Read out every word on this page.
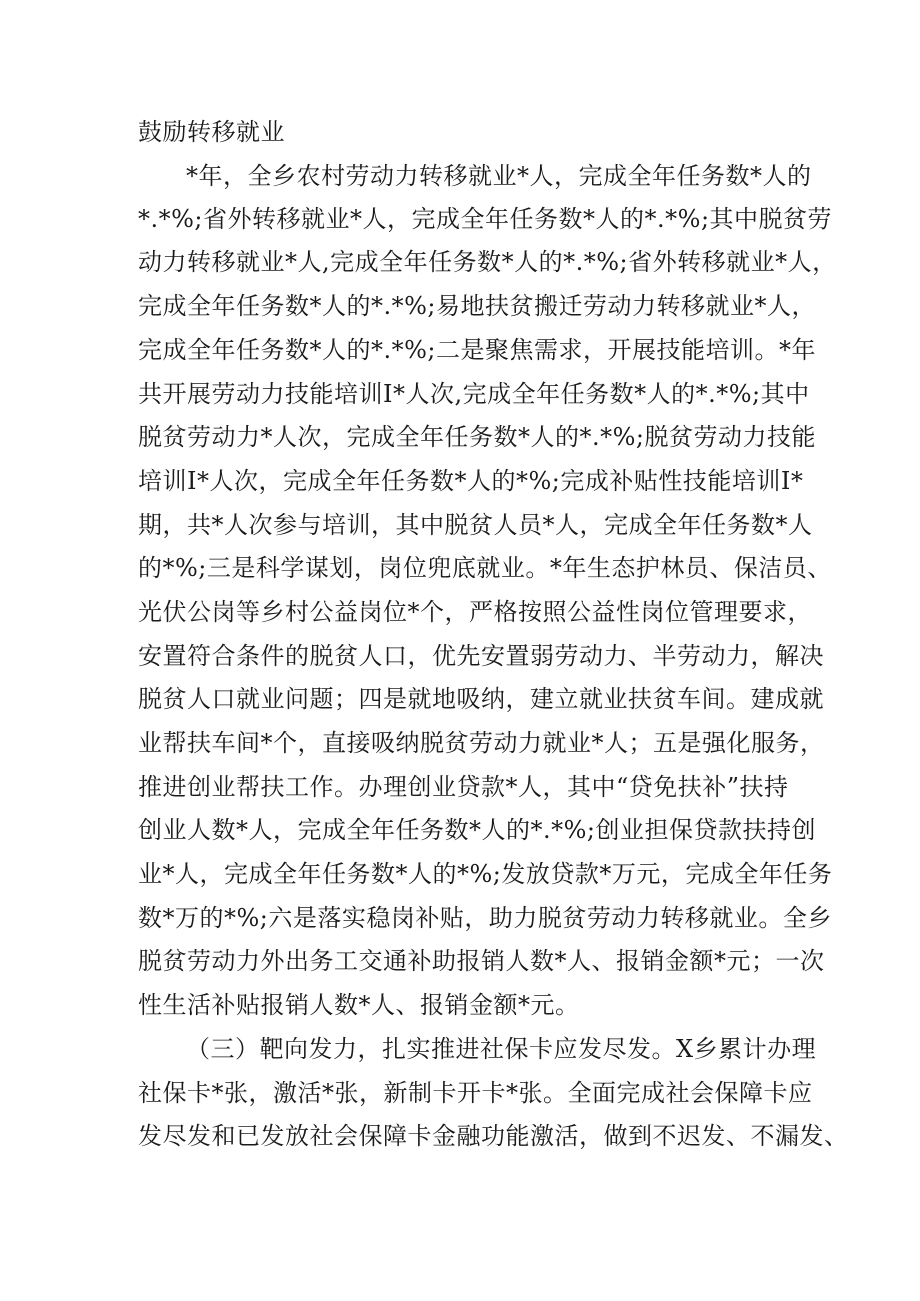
鼓励转移就业
*年，全乡农村劳动力转移就业*人，完成全年任务数*人的
*.*%;省外转移就业*人，完成全年任务数*人的*.*%;其中脱贫劳
动力转移就业*人,完成全年任务数*人的*.*%;省外转移就业*人，
完成全年任务数*人的*.*%;易地扶贫搬迁劳动力转移就业*人，
完成全年任务数*人的*.*%;二是聚焦需求，开展技能培训。*年
共开展劳动力技能培训I*人次,完成全年任务数*人的*.*%;其中
脱贫劳动力*人次，完成全年任务数*人的*.*%;脱贫劳动力技能
培训I*人次，完成全年任务数*人的*%;完成补贴性技能培训I*
期，共*人次参与培训，其中脱贫人员*人，完成全年任务数*人
的*%;三是科学谋划，岗位兜底就业。*年生态护林员、保洁员、
光伏公岗等乡村公益岗位*个，严格按照公益性岗位管理要求，
安置符合条件的脱贫人口，优先安置弱劳动力、半劳动力，解决
脱贫人口就业问题；四是就地吸纳，建立就业扶贫车间。建成就
业帮扶车间*个，直接吸纳脱贫劳动力就业*人；五是强化服务，
推进创业帮扶工作。办理创业贷款*人，其中“贷免扶补”扶持
创业人数*人，完成全年任务数*人的*.*%;创业担保贷款扶持创
业*人，完成全年任务数*人的*%;发放贷款*万元，完成全年任务
数*万的*%;六是落实稳岗补贴，助力脱贫劳动力转移就业。全乡
脱贫劳动力外出务工交通补助报销人数*人、报销金额*元；一次
性生活补贴报销人数*人、报销金额*元。
（三）靶向发力，扎实推进社保卡应发尽发。X乡累计办理
社保卡*张，激活*张，新制卡开卡*张。全面完成社会保障卡应
发尽发和已发放社会保障卡金融功能激活，做到不迟发、不漏发、
